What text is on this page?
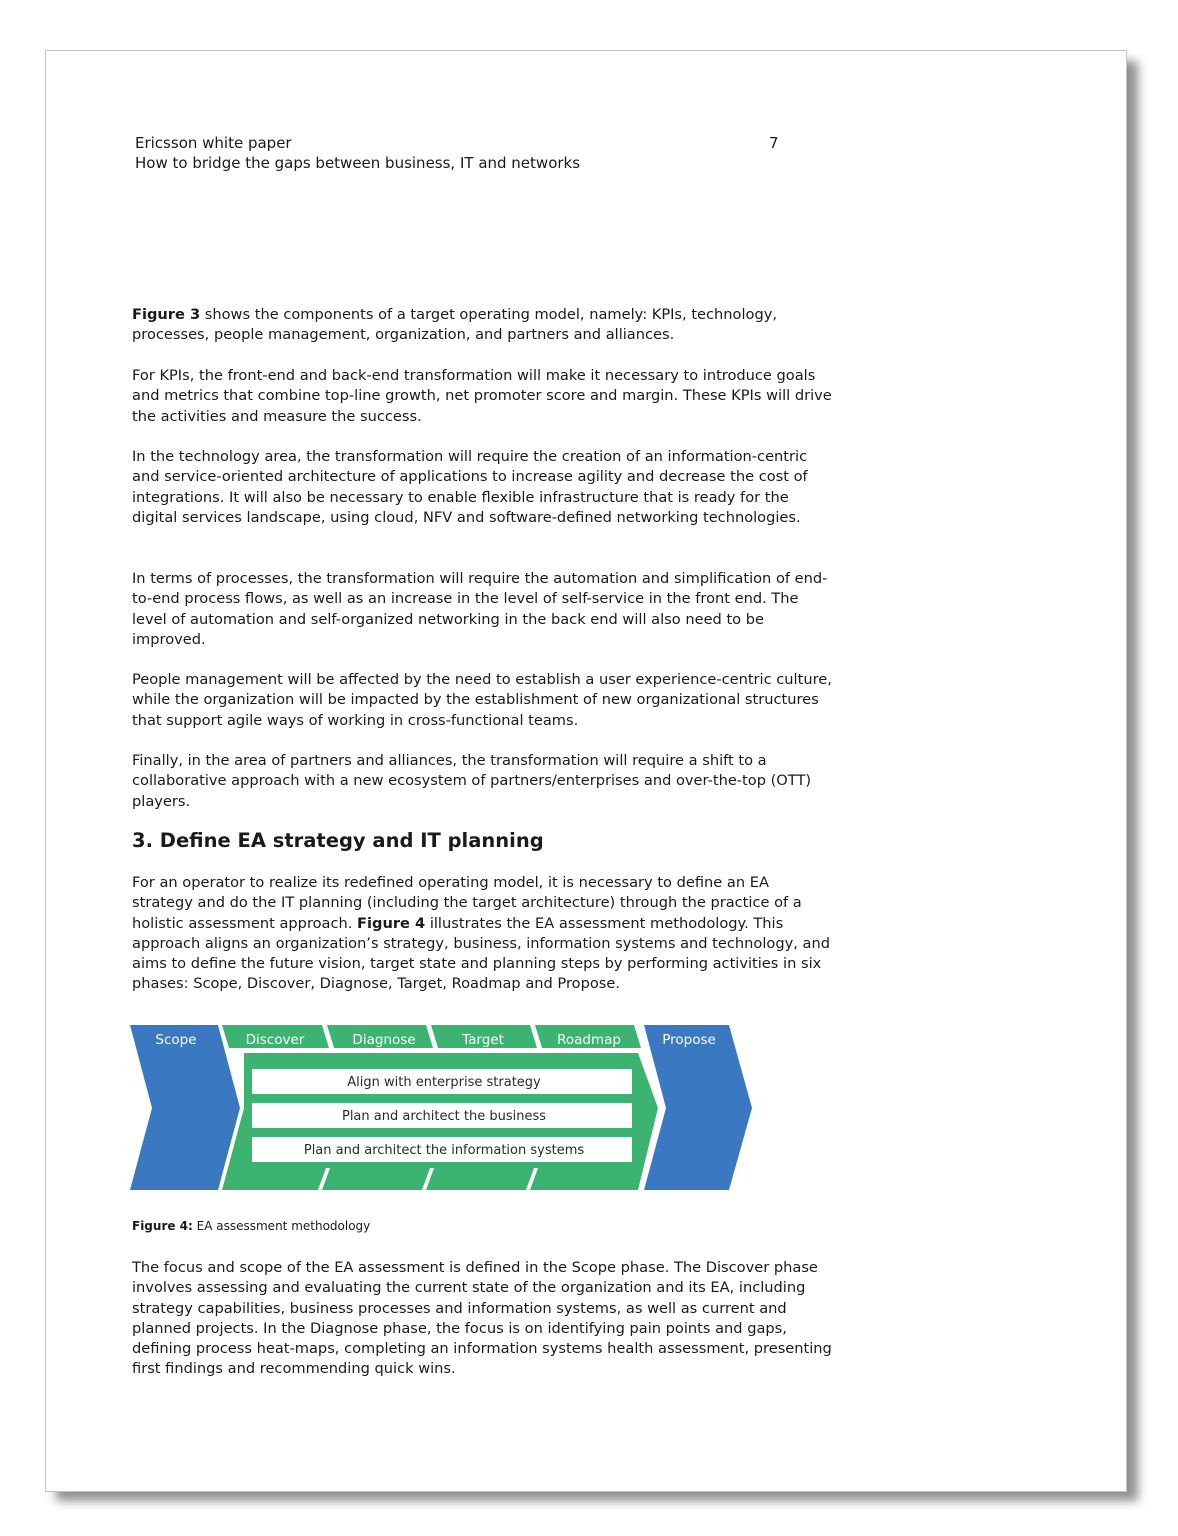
Ericsson white paper
How to bridge the gaps between business, IT and networks
7

Figure 3 shows the components of a target operating model, namely: KPIs, technology, processes, people management, organization, and partners and alliances.

For KPIs, the front-end and back-end transformation will make it necessary to introduce goals and metrics that combine top-line growth, net promoter score and margin. These KPIs will drive the activities and measure the success.

In the technology area, the transformation will require the creation of an information-centric and service-oriented architecture of applications to increase agility and decrease the cost of integrations. It will also be necessary to enable flexible infrastructure that is ready for the digital services landscape, using cloud, NFV and software-defined networking technologies.

In terms of processes, the transformation will require the automation and simplification of end-to-end process flows, as well as an increase in the level of self-service in the front end. The level of automation and self-organized networking in the back end will also need to be improved.

People management will be affected by the need to establish a user experience-centric culture, while the organization will be impacted by the establishment of new organizational structures that support agile ways of working in cross-functional teams.

Finally, in the area of partners and alliances, the transformation will require a shift to a collaborative approach with a new ecosystem of partners/enterprises and over-the-top (OTT) players.

3. Define EA strategy and IT planning

For an operator to realize its redefined operating model, it is necessary to define an EA strategy and do the IT planning (including the target architecture) through the practice of a holistic assessment approach. Figure 4 illustrates the EA assessment methodology. This approach aligns an organization’s strategy, business, information systems and technology, and aims to define the future vision, target state and planning steps by performing activities in six phases: Scope, Discover, Diagnose, Target, Roadmap and Propose.

Scope	Discover	Diagnose	Target	Roadmap	Propose
Align with enterprise strategy
Plan and architect the business
Plan and architect the information systems

Figure 4: EA assessment methodology

The focus and scope of the EA assessment is defined in the Scope phase. The Discover phase involves assessing and evaluating the current state of the organization and its EA, including strategy capabilities, business processes and information systems, as well as current and planned projects. In the Diagnose phase, the focus is on identifying pain points and gaps, defining process heat-maps, completing an information systems health assessment, presenting first findings and recommending quick wins.
